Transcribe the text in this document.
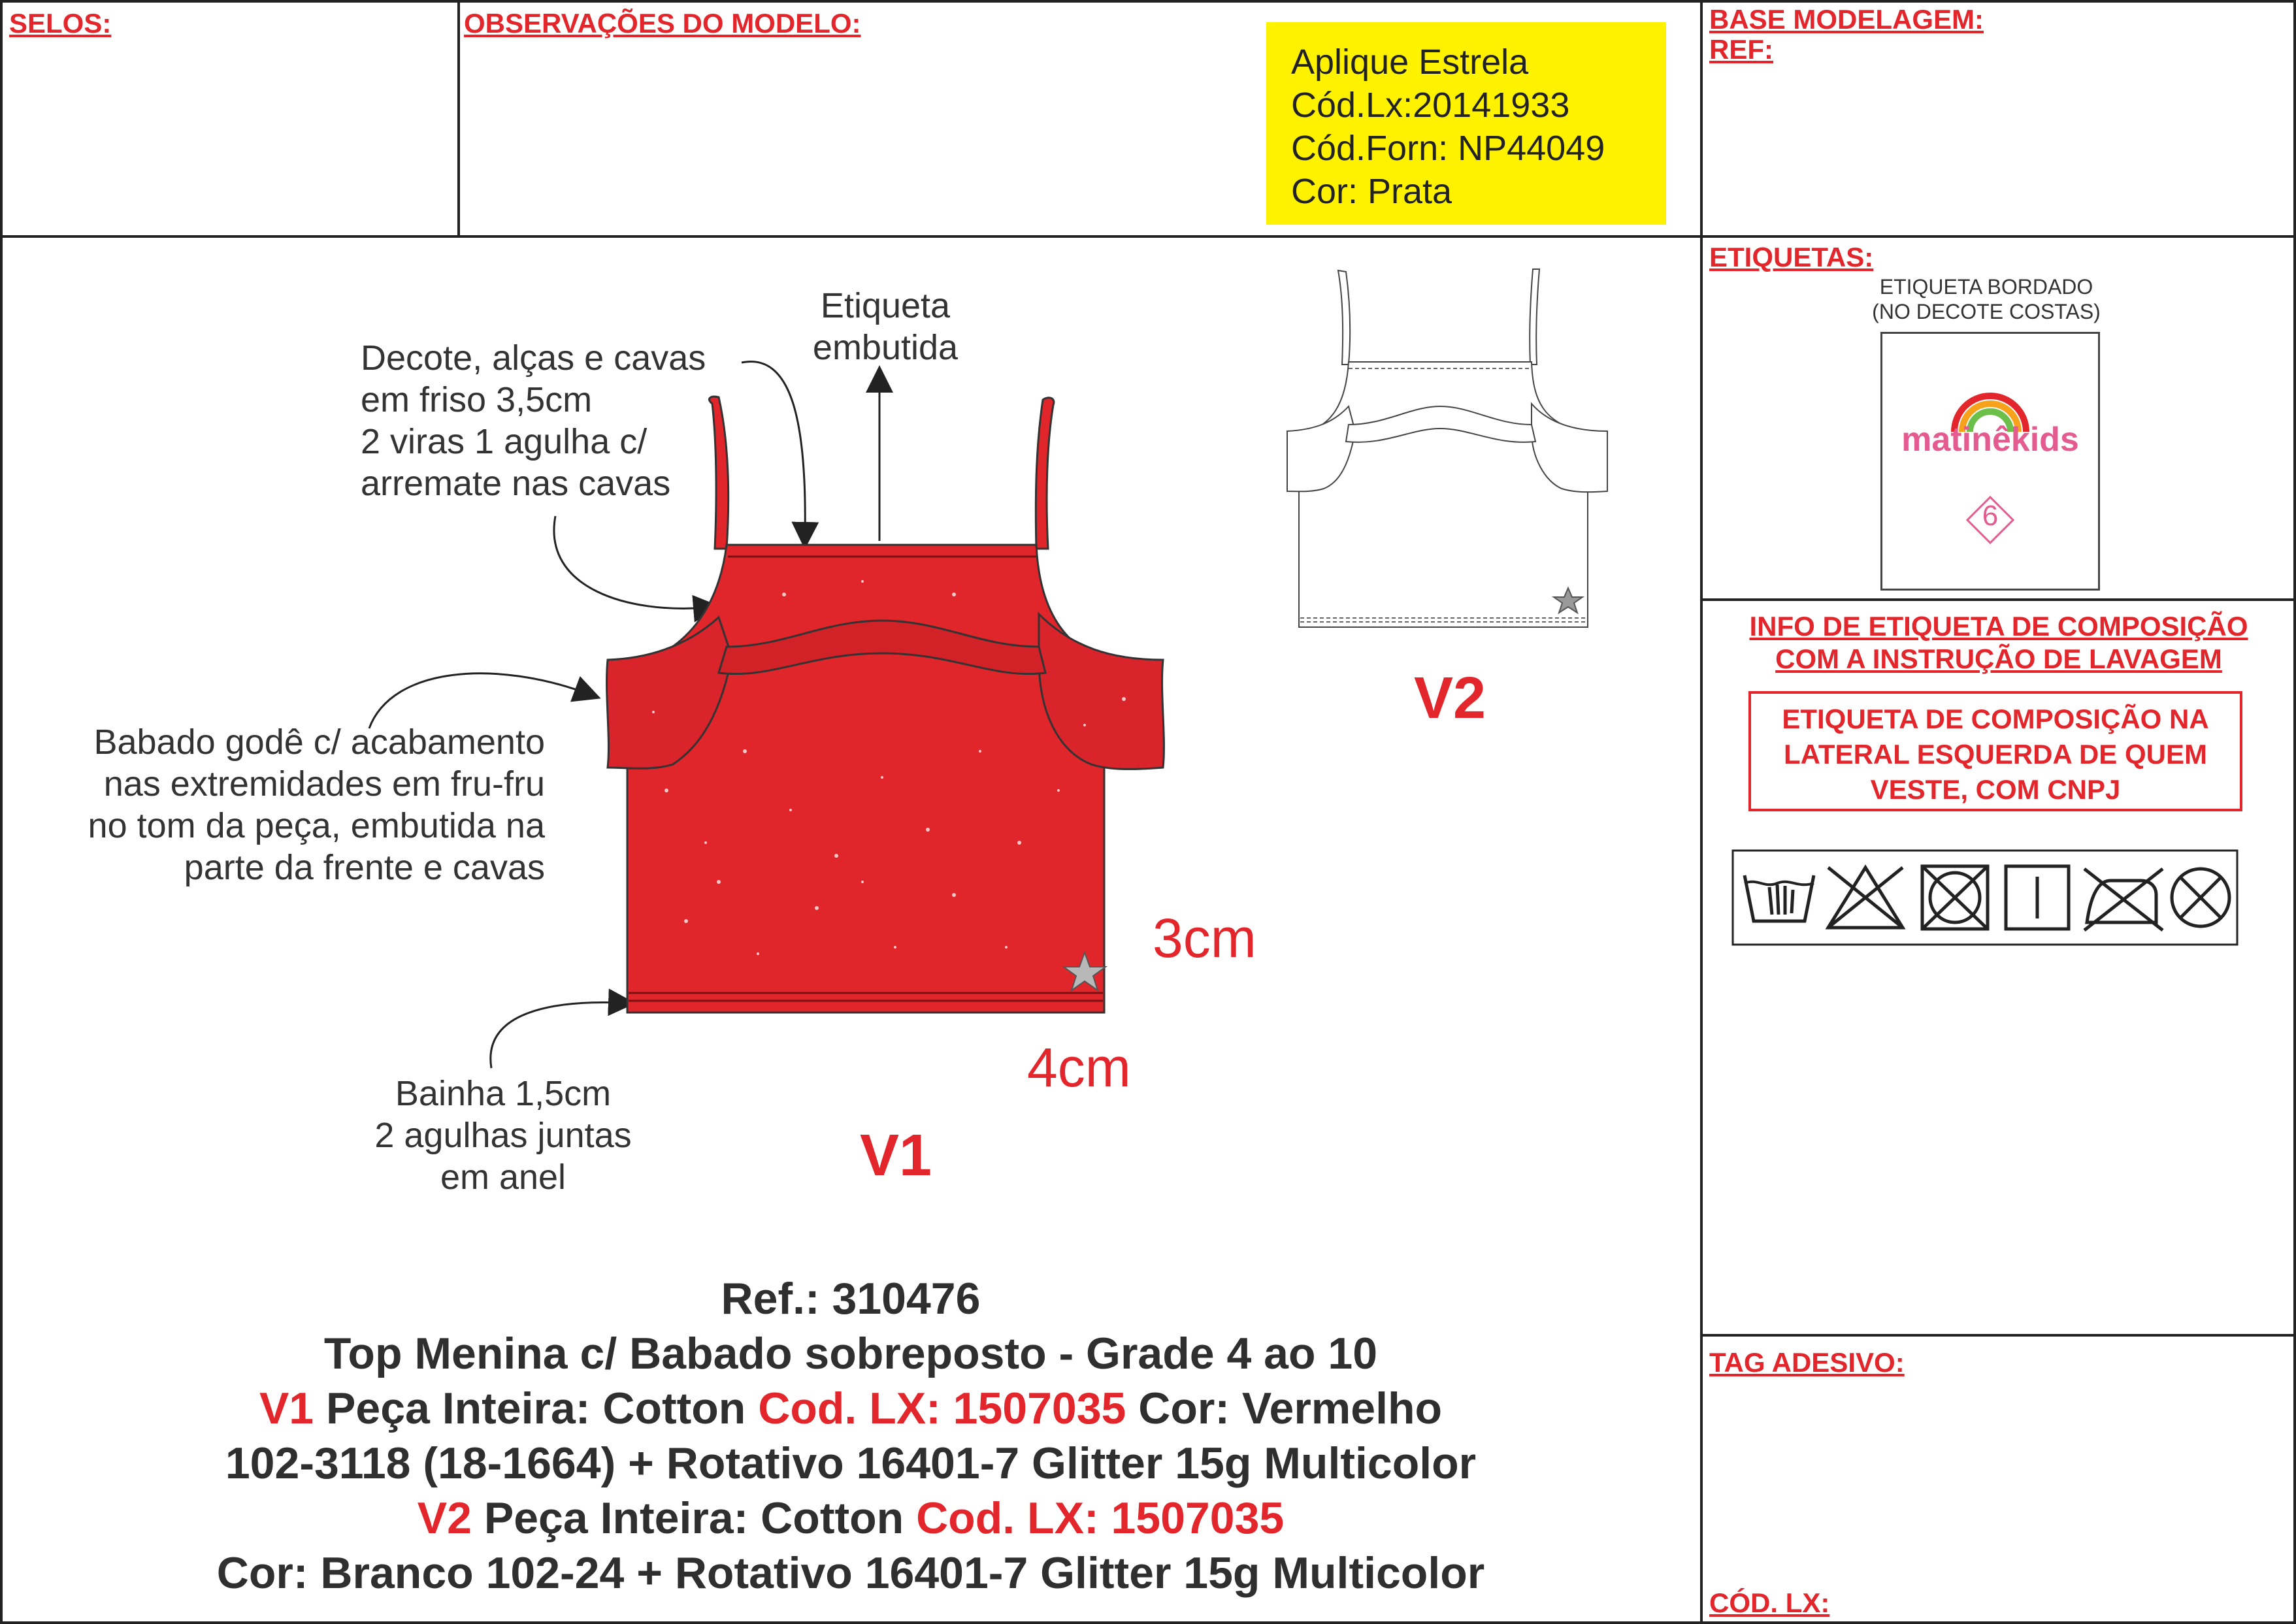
SELOS:	OBSERVAÇÕES DO MODELO:	BASE MODELAGEM:
REF:
Aplique Estrela
Cód.Lx:20141933
Cód.Forn: NP44049
Cor: Prata
Etiqueta
embutida
Decote, alças e cavas
em friso 3,5cm
2 viras 1 agulha c/
arremate nas cavas
Babado godê c/ acabamento
nas extremidades em fru-fru
no tom da peça, embutida na
parte da frente e cavas
Bainha 1,5cm
2 agulhas juntas
em anel
3cm
4cm
V1
V2
ETIQUETAS:
ETIQUETA BORDADO
(NO DECOTE COSTAS)
matinêkids
6
INFO DE ETIQUETA DE COMPOSIÇÃO
COM A INSTRUÇÃO DE LAVAGEM
ETIQUETA DE COMPOSIÇÃO NA
LATERAL ESQUERDA DE QUEM
VESTE, COM CNPJ
TAG ADESIVO:
CÓD. LX:
Ref.: 310476
Top Menina c/ Babado sobreposto - Grade 4 ao 10
V1 Peça Inteira: Cotton Cod. LX: 1507035 Cor: Vermelho
102-3118 (18-1664) + Rotativo 16401-7 Glitter 15g Multicolor
V2 Peça Inteira: Cotton Cod. LX: 1507035
Cor: Branco 102-24 + Rotativo 16401-7 Glitter 15g Multicolor
